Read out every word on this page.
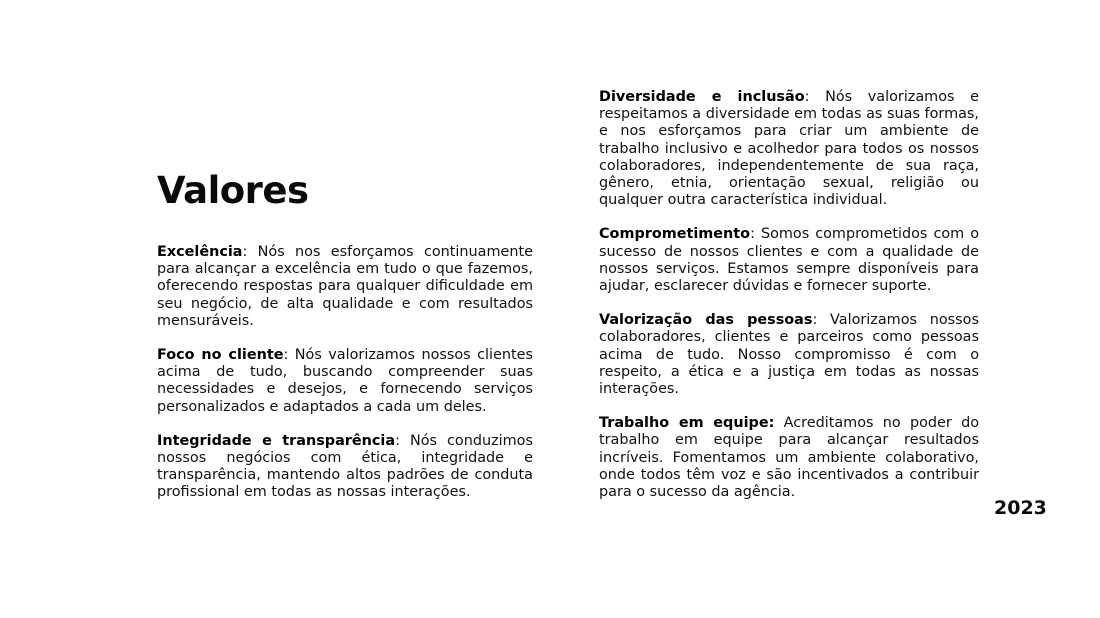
Valores

Excelência: Nós nos esforçamos continuamente para alcançar a excelência em tudo o que fazemos, oferecendo respostas para qualquer dificuldade em seu negócio, de alta qualidade e com resultados mensuráveis.

Foco no cliente: Nós valorizamos nossos clientes acima de tudo, buscando compreender suas necessidades e desejos, e fornecendo serviços personalizados e adaptados a cada um deles.

Integridade e transparência: Nós conduzimos nossos negócios com ética, integridade e transparência, mantendo altos padrões de conduta profissional em todas as nossas interações.

Diversidade e inclusão: Nós valorizamos e respeitamos a diversidade em todas as suas formas, e nos esforçamos para criar um ambiente de trabalho inclusivo e acolhedor para todos os nossos colaboradores, independentemente de sua raça, gênero, etnia, orientação sexual, religião ou qualquer outra característica individual.

Comprometimento: Somos comprometidos com o sucesso de nossos clientes e com a qualidade de nossos serviços. Estamos sempre disponíveis para ajudar, esclarecer dúvidas e fornecer suporte.

Valorização das pessoas: Valorizamos nossos colaboradores, clientes e parceiros como pessoas acima de tudo. Nosso compromisso é com o respeito, a ética e a justiça em todas as nossas interações.

Trabalho em equipe: Acreditamos no poder do trabalho em equipe para alcançar resultados incríveis. Fomentamos um ambiente colaborativo, onde todos têm voz e são incentivados a contribuir para o sucesso da agência.

2023
